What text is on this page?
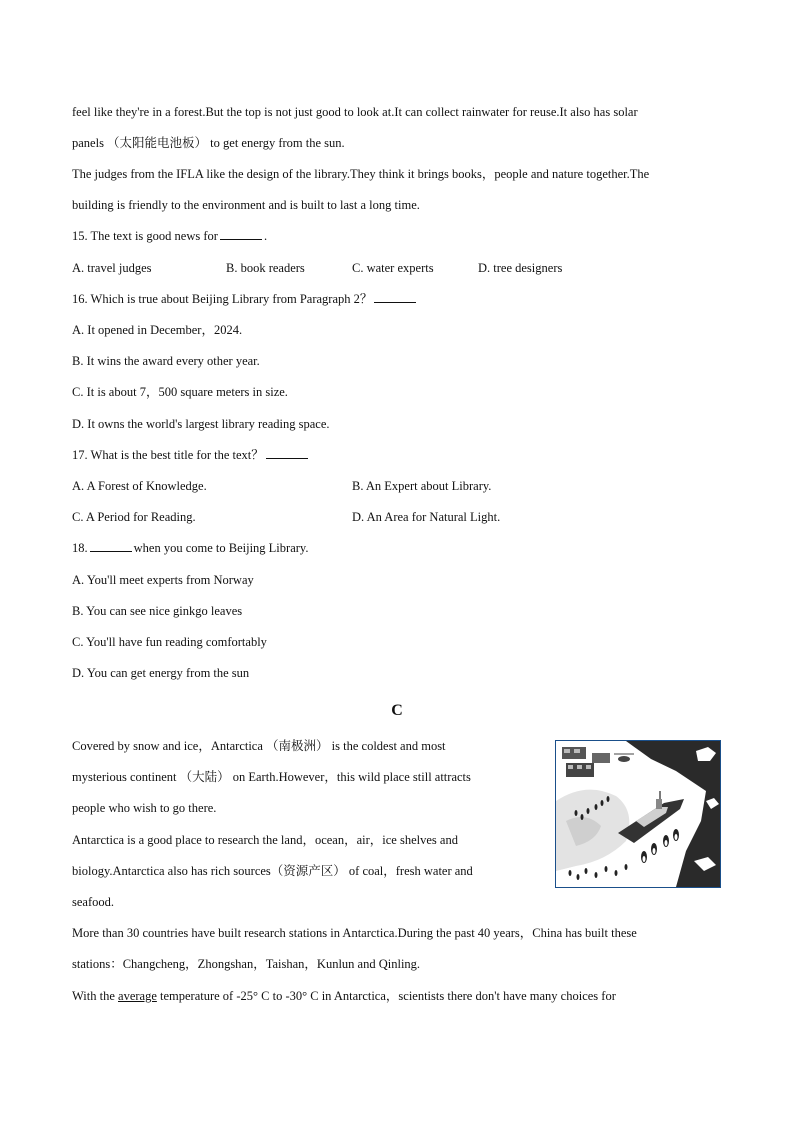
feel like they're in a forest.But the top is not just good to look at.It can collect rainwater for reuse.It also has solar
panels （太阳能电池板） to get energy from the sun.
The judges from the IFLA like the design of the library.They think it brings books，people and nature together.The
building is friendly to the environment and is built to last a long time.
15. The text is good news for	.
A. travel judges	B. book readers	C. water experts	D. tree designers
16. Which is true about Beijing Library from Paragraph 2？
A. It opened in December，2024.
B. It wins the award every other year.
C. It is about 7，500 square meters in size.
D. It owns the world's largest library reading space.
17. What is the best title for the text？
A. A Forest of Knowledge.	B. An Expert about Library.
C. A Period for Reading.	D. An Area for Natural Light.
18.	when you come to Beijing Library.
A. You'll meet experts from Norway
B. You can see nice ginkgo leaves
C. You'll have fun reading comfortably
D. You can get energy from the sun
C
Covered by snow and ice，Antarctica （南极洲） is the coldest and most
mysterious continent （大陆） on Earth.However，this wild place still attracts
people who wish to go there.
Antarctica is a good place to research the land，ocean，air，ice shelves and
biology.Antarctica also has rich sources（资源产区） of coal，fresh water and
seafood.
More than 30 countries have built research stations in Antarctica.During the past 40 years，China has built these
stations：Changcheng，Zhongshan，Taishan，Kunlun and Qinling.
With the average temperature of -25° C to -30° C in Antarctica，scientists there don't have many choices for
